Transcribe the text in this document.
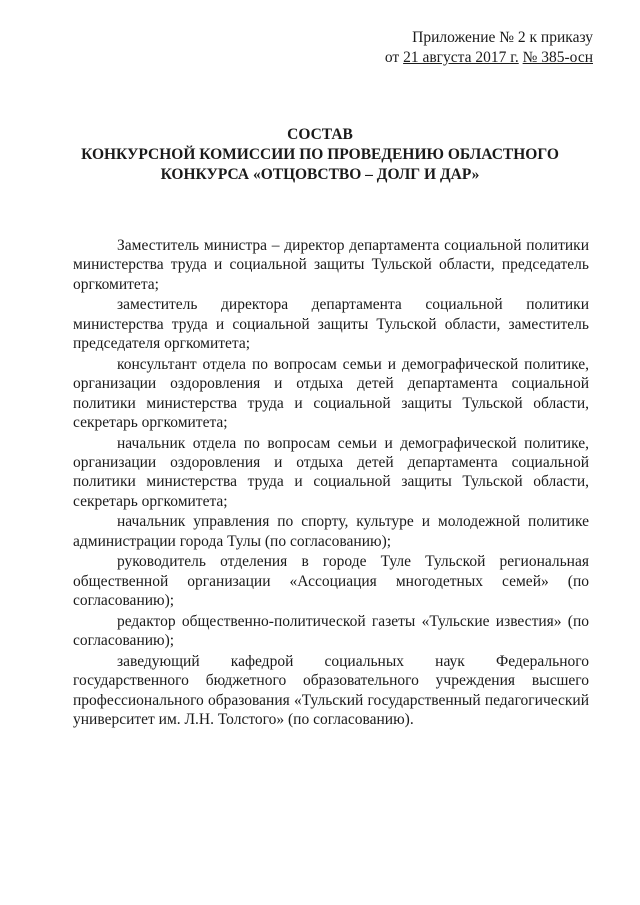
Приложение № 2 к приказу
от 21 августа 2017 г. № 385-осн
СОСТАВ
КОНКУРСНОЙ КОМИССИИ ПО ПРОВЕДЕНИЮ ОБЛАСТНОГО
КОНКУРСА «ОТЦОВСТВО – ДОЛГ И ДАР»
Заместитель министра – директор департамента социальной политики министерства труда и социальной защиты Тульской области, председатель оргкомитета;
заместитель директора департамента социальной политики министерства труда и социальной защиты Тульской области, заместитель председателя оргкомитета;
консультант отдела по вопросам семьи и демографической политике, организации оздоровления и отдыха детей департамента социальной политики министерства труда и социальной защиты Тульской области, секретарь оргкомитета;
начальник отдела по вопросам семьи и демографической политике, организации оздоровления и отдыха детей департамента социальной политики министерства труда и социальной защиты Тульской области, секретарь оргкомитета;
начальник управления по спорту, культуре и молодежной политике администрации города Тулы (по согласованию);
руководитель отделения в городе Туле Тульской региональная общественной организации «Ассоциация многодетных семей» (по согласованию);
редактор общественно-политической газеты «Тульские известия» (по согласованию);
заведующий кафедрой социальных наук Федерального государственного бюджетного образовательного учреждения высшего профессионального образования «Тульский государственный педагогический университет им. Л.Н. Толстого» (по согласованию).
